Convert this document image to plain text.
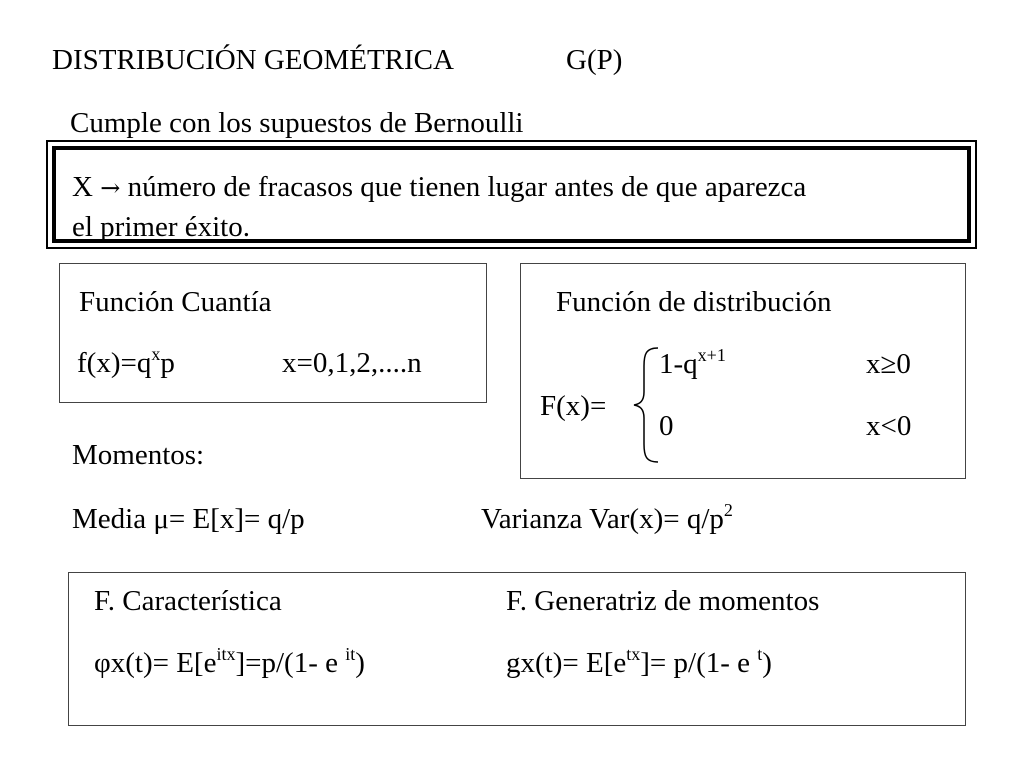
DISTRIBUCIÓN GEOMÉTRICA	G(P)
Cumple con los supuestos de Bernoulli
X → número de fracasos que tienen lugar antes de que aparezca
el primer éxito.
Función Cuantía
$f(x)=q^xp$	x=0,1,2,....n
Función de distribución
F(x)=
$1-q^{x+1}$	x≥0
0	x<0
Momentos:
Media μ= E[x]= q/p	Varianza $Var(x)= q/p^2$
F. Característica
$\varphi x(t)= E[e^{itx}]=p/(1-$ e $^{it}$)
F. Generatriz de momentos
$gx(t)= E[e^{tx}]= p/(1-$ e $^t$)
